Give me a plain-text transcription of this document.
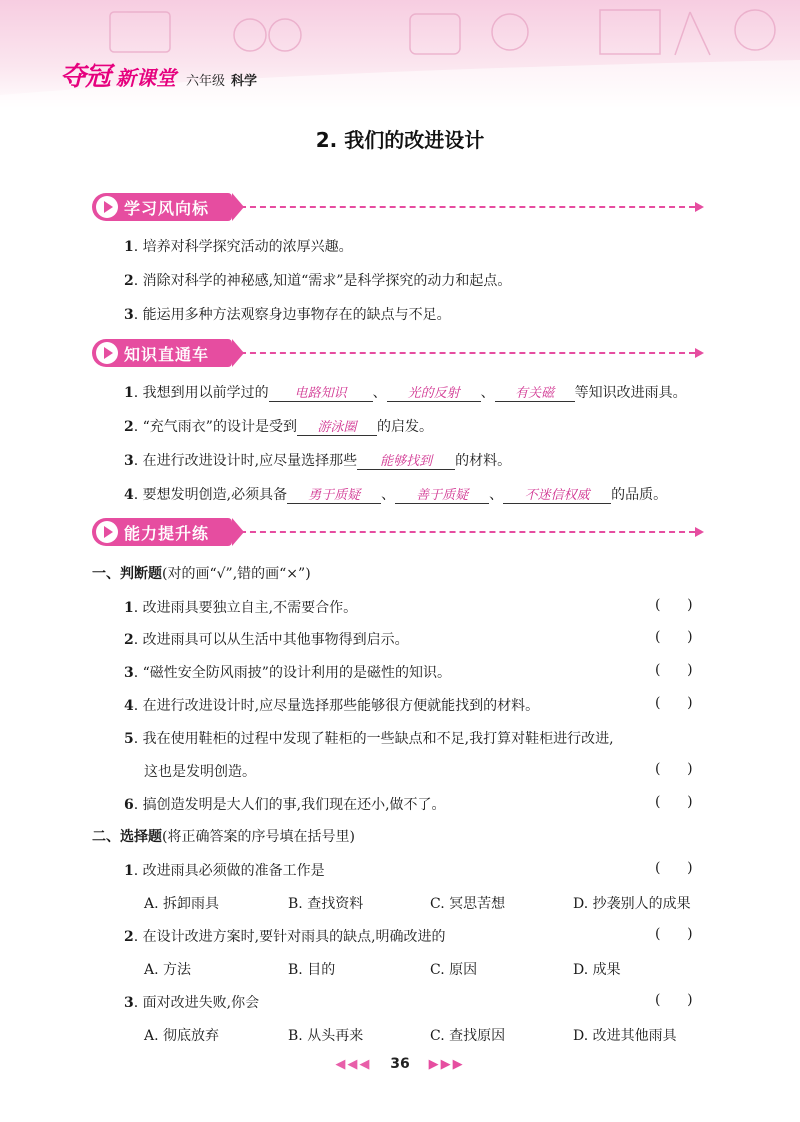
夺冠 新课堂 六年级 科学
2. 我们的改进设计
学习风向标
1. 培养对科学探究活动的浓厚兴趣。
2. 消除对科学的神秘感,知道“需求”是科学探究的动力和起点。
3. 能运用多种方法观察身边事物存在的缺点与不足。
知识直通车
1. 我想到用以前学过的 电路知识 、 光的反射 、 有关磁 等知识改进雨具。
2. “充气雨衣”的设计是受到 游泳圈 的启发。
3. 在进行改进设计时,应尽量选择那些 能够找到 的材料。
4. 要想发明创造,必须具备 勇于质疑 、 善于质疑 、 不迷信权威 的品质。
能力提升练
一、判断题(对的画“√”,错的画“×”)
1. 改进雨具要独立自主,不需要合作。	(      )
2. 改进雨具可以从生活中其他事物得到启示。	(      )
3. “磁性安全防风雨披”的设计利用的是磁性的知识。	(      )
4. 在进行改进设计时,应尽量选择那些能够很方便就能找到的材料。	(      )
5. 我在使用鞋柜的过程中发现了鞋柜的一些缺点和不足,我打算对鞋柜进行改进,
这也是发明创造。	(      )
6. 搞创造发明是大人们的事,我们现在还小,做不了。	(      )
二、选择题(将正确答案的序号填在括号里)
1. 改进雨具必须做的准备工作是	(      )
A. 拆卸雨具	B. 查找资料	C. 冥思苦想	D. 抄袭别人的成果
2. 在设计改进方案时,要针对雨具的缺点,明确改进的	(      )
A. 方法	B. 目的	C. 原因	D. 成果
3. 面对改进失败,你会	(      )
A. 彻底放弃	B. 从头再来	C. 查找原因	D. 改进其他雨具
◀◀◀ 36 ▶▶▶
